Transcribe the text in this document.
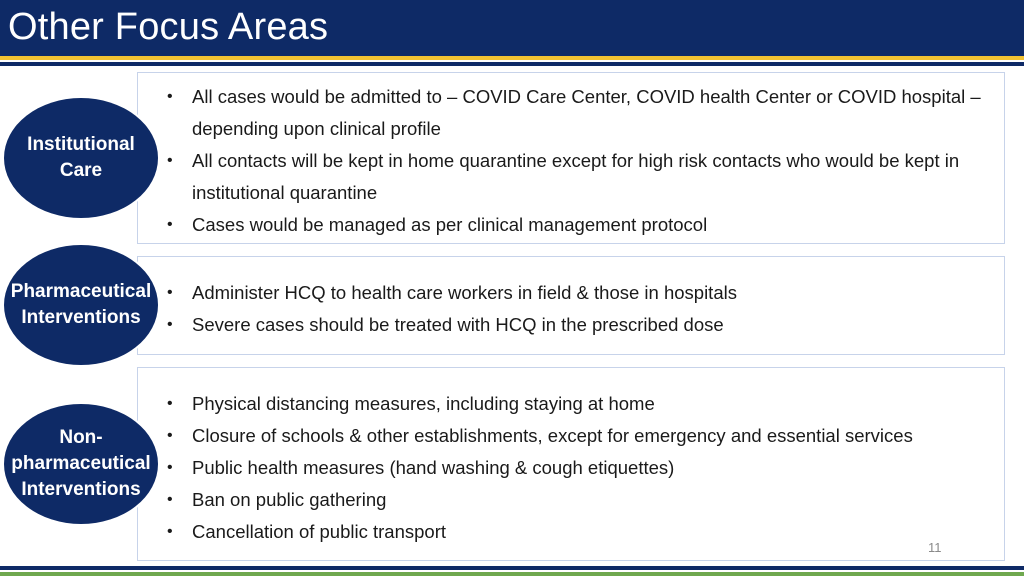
Other Focus Areas
• All cases would be admitted to – COVID Care Center, COVID health Center or COVID hospital – depending upon clinical profile
• All contacts will be kept in home quarantine except for high risk contacts who would be kept in institutional quarantine
• Cases would be managed as per clinical management protocol
Institutional
Care
• Administer HCQ to health care workers in field & those in hospitals
• Severe cases should be treated with HCQ in the prescribed dose
Pharmaceutical
Interventions
• Physical distancing measures, including staying at home
• Closure of schools & other establishments, except for emergency and essential services
• Public health measures (hand washing & cough etiquettes)
• Ban on public gathering
• Cancellation of public transport
Non-
pharmaceutical
Interventions
11
